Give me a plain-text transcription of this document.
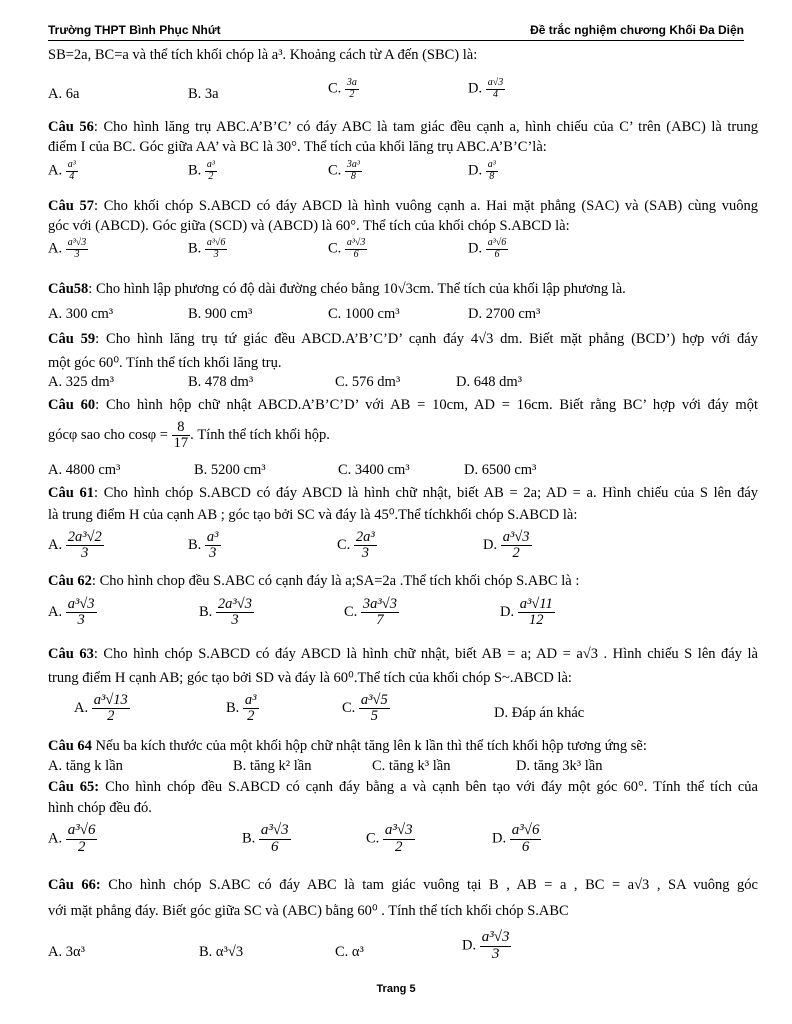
Trường THPT Bình Phục Nhứt	Đề trắc nghiệm chương Khối Đa Diện
SB=2a, BC=a và thể tích khối chóp là a³. Khoảng cách từ A đến (SBC) là:
A. 6a	B. 3a	C. $\frac{3a}{2}$	D. $\frac{a√3}{4}$
Câu 56: Cho hình lăng trụ ABC.A’B’C’ có đáy ABC là tam giác đều cạnh a, hình chiếu của C’ trên (ABC) là trung
điểm I của BC. Góc giữa AA’ và BC là 30°. Thể tích của khối lăng trụ ABC.A’B’C’là:
A. $\frac{\text{a³}}{4}$	B. $\frac{\text{a³}}{2}$	C. $\frac{\text{3a³}}{8}$	D. $\frac{\text{a³}}{8}$
Câu 57: Cho khối chóp S.ABCD có đáy ABCD là hình vuông cạnh a. Hai mặt phẳng (SAC) và (SAB) cùng vuông
góc với (ABCD). Góc giữa (SCD) và (ABCD) là 60°. Thể tích của khối chóp S.ABCD là:
A. $\frac{\text{a³√3}}{3}$	B. $\frac{\text{a³√6}}{3}$	C. $\frac{\text{a³√3}}{6}$	D. $\frac{\text{a³√6}}{6}$
Câu58: Cho hình lập phương có độ dài đường chéo bằng 10√3cm. Thể tích của khối lập phương là.
A. 300 cm³	B. 900 cm³	C. 1000 cm³	D. 2700 cm³
Câu 59: Cho hình lăng trụ tứ giác đều ABCD.A’B’C’D’ cạnh đáy 4√3 dm. Biết mặt phẳng (BCD’) hợp với đáy
một góc 60⁰. Tính thể tích khối lăng trụ.
A. 325 dm³	B. 478 dm³	C. 576 dm³	D. 648 dm³
Câu 60: Cho hình hộp chữ nhật ABCD.A’B’C’D’ với AB = 10cm, AD = 16cm. Biết rằng BC’ hợp với đáy một
gócφ sao cho $\cos\varphi = \frac{8}{17}$ . Tính thể tích khối hộp.
A. 4800 cm³	B. 5200 cm³	C. 3400 cm³	D. 6500 cm³
Câu 61: Cho hình chóp S.ABCD có đáy ABCD là hình chữ nhật, biết AB = 2a; AD = a. Hình chiếu của S lên đáy
là trung điểm H của cạnh AB ; góc tạo bởi SC và đáy là 45⁰.Thể tíchkhối chóp S.ABCD là:
A. $\frac{\text{2a³√2}}{3}$	B. $\frac{\text{a³}}{3}$	C. $\frac{\text{2a³}}{3}$	D. $\frac{\text{a³√3}}{2}$
Câu 62: Cho hình chop đều S.ABC có cạnh đáy là a;SA=2a .Thể tích khối chóp S.ABC là :
A. $\frac{\text{a³√3}}{3}$	B. $\frac{\text{2a³√3}}{3}$	C. $\frac{\text{3a³√3}}{7}$	D. $\frac{\text{a³√11}}{12}$
Câu 63: Cho hình chóp S.ABCD có đáy ABCD là hình chữ nhật, biết AB = a; AD = a√3 . Hình chiếu S lên đáy là
trung điểm H cạnh AB; góc tạo bởi SD và đáy là 60⁰.Thể tích của khối chóp S~.ABCD là:
A. $\frac{\text{a³√13}}{2}$	B. $\frac{\text{a³}}{2}$	C. $\frac{\text{a³√5}}{5}$	D. Đáp án khác
Câu 64 Nếu ba kích thước của một khối hộp chữ nhật tăng lên k lần thì thể tích khối hộp tương ứng sẽ:
A. tăng k lần	B. tăng k² lần	C. tăng k³ lần	D. tăng 3k³ lần
Câu 65: Cho hình chóp đều S.ABCD có cạnh đáy bằng a và cạnh bên tạo với đáy một góc 60°. Tính thể tích của
hình chóp đều đó.
A. $\frac{\text{a³√6}}{2}$	B. $\frac{\text{a³√3}}{6}$	C. $\frac{\text{a³√3}}{2}$	D. $\frac{\text{a³√6}}{6}$
Câu 66: Cho hình chóp S.ABC có đáy ABC là tam giác vuông tại B , AB = a , BC = a√3 , SA vuông góc
với mặt phẳng đáy. Biết góc giữa SC và (ABC) bằng 60⁰ . Tính thể tích khối chóp S.ABC
A. 3α³	B. α³√3	C. α³	D. $\frac{\text{a³√3}}{3}$
Trang 5
